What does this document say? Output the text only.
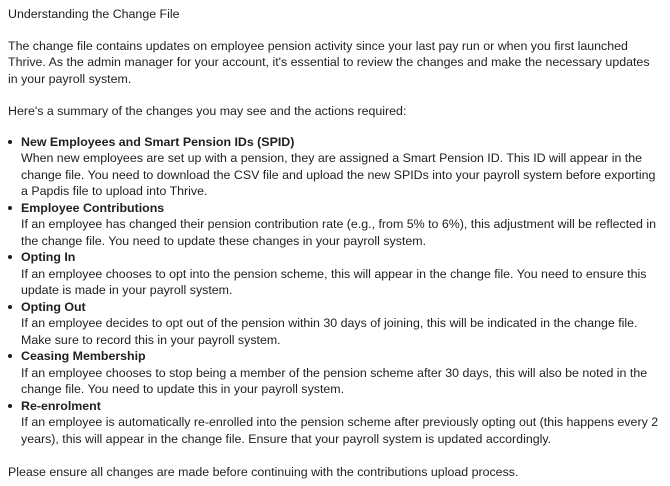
Understanding the Change File

The change file contains updates on employee pension activity since your last pay run or when you first launched Thrive. As the admin manager for your account, it's essential to review the changes and make the necessary updates in your payroll system.

Here's a summary of the changes you may see and the actions required:

New Employees and Smart Pension IDs (SPID)
When new employees are set up with a pension, they are assigned a Smart Pension ID. This ID will appear in the change file. You need to download the CSV file and upload the new SPIDs into your payroll system before exporting a Papdis file to upload into Thrive.
Employee Contributions
If an employee has changed their pension contribution rate (e.g., from 5% to 6%), this adjustment will be reflected in the change file. You need to update these changes in your payroll system.
Opting In
If an employee chooses to opt into the pension scheme, this will appear in the change file. You need to ensure this update is made in your payroll system.
Opting Out
If an employee decides to opt out of the pension within 30 days of joining, this will be indicated in the change file. Make sure to record this in your payroll system.
Ceasing Membership
If an employee chooses to stop being a member of the pension scheme after 30 days, this will also be noted in the change file. You need to update this in your payroll system.
Re-enrolment
If an employee is automatically re-enrolled into the pension scheme after previously opting out (this happens every 2 years), this will appear in the change file. Ensure that your payroll system is updated accordingly.

Please ensure all changes are made before continuing with the contributions upload process.
